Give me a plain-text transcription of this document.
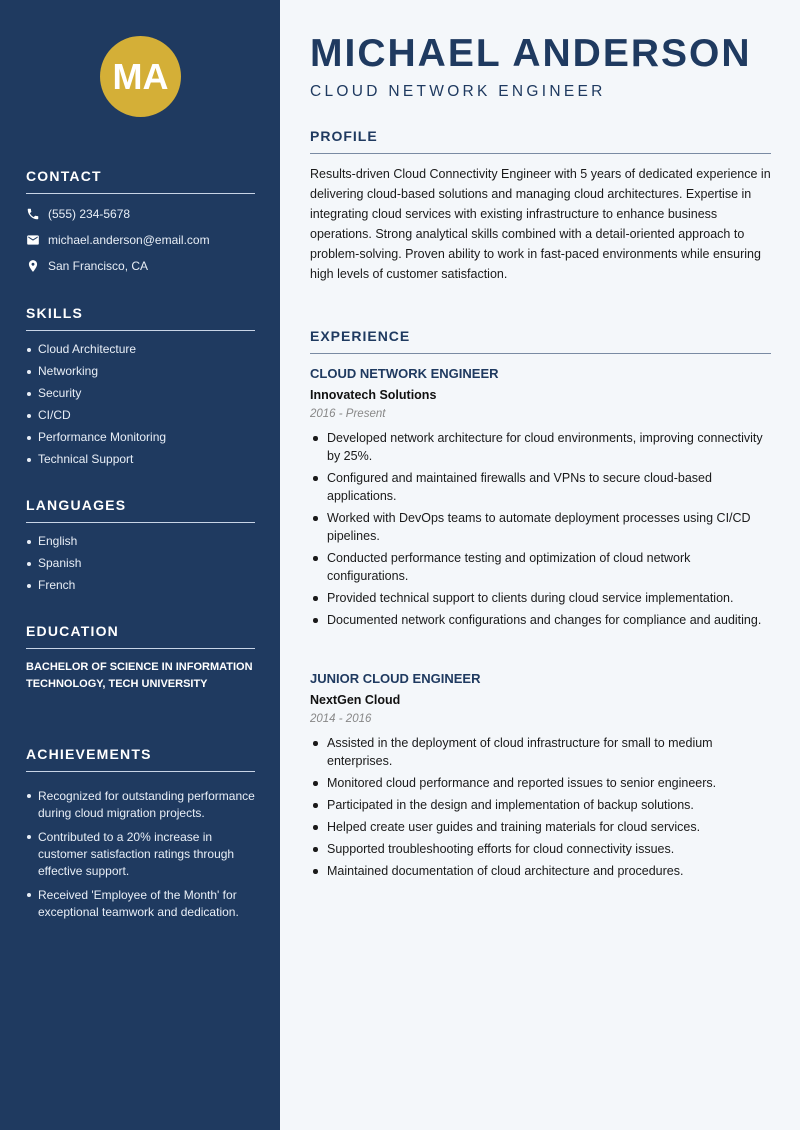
MA
CONTACT
(555) 234-5678
michael.anderson@email.com
San Francisco, CA
SKILLS
Cloud Architecture
Networking
Security
CI/CD
Performance Monitoring
Technical Support
LANGUAGES
English
Spanish
French
EDUCATION
BACHELOR OF SCIENCE IN INFORMATION TECHNOLOGY, TECH UNIVERSITY
ACHIEVEMENTS
Recognized for outstanding performance during cloud migration projects.
Contributed to a 20% increase in customer satisfaction ratings through effective support.
Received 'Employee of the Month' for exceptional teamwork and dedication.
MICHAEL ANDERSON
CLOUD NETWORK ENGINEER
PROFILE
Results-driven Cloud Connectivity Engineer with 5 years of dedicated experience in delivering cloud-based solutions and managing cloud architectures. Expertise in integrating cloud services with existing infrastructure to enhance business operations. Strong analytical skills combined with a detail-oriented approach to problem-solving. Proven ability to work in fast-paced environments while ensuring high levels of customer satisfaction.
EXPERIENCE
CLOUD NETWORK ENGINEER
Innovatech Solutions
2016 - Present
Developed network architecture for cloud environments, improving connectivity by 25%.
Configured and maintained firewalls and VPNs to secure cloud-based applications.
Worked with DevOps teams to automate deployment processes using CI/CD pipelines.
Conducted performance testing and optimization of cloud network configurations.
Provided technical support to clients during cloud service implementation.
Documented network configurations and changes for compliance and auditing.
JUNIOR CLOUD ENGINEER
NextGen Cloud
2014 - 2016
Assisted in the deployment of cloud infrastructure for small to medium enterprises.
Monitored cloud performance and reported issues to senior engineers.
Participated in the design and implementation of backup solutions.
Helped create user guides and training materials for cloud services.
Supported troubleshooting efforts for cloud connectivity issues.
Maintained documentation of cloud architecture and procedures.
